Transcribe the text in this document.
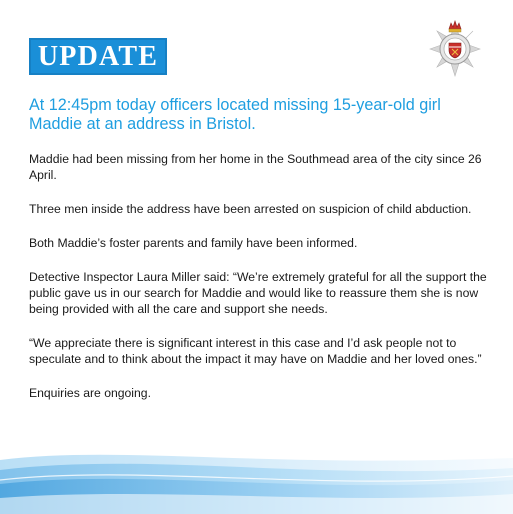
UPDATE
At 12:45pm today officers located missing 15-year-old girl Maddie at an address in Bristol.

Maddie had been missing from her home in the Southmead area of the city since 26 April.

Three men inside the address have been arrested on suspicion of child abduction.

Both Maddie’s foster parents and family have been informed.

Detective Inspector Laura Miller said: “We’re extremely grateful for all the support the public gave us in our search for Maddie and would like to reassure them she is now being provided with all the care and support she needs.

“We appreciate there is significant interest in this case and I’d ask people not to speculate and to think about the impact it may have on Maddie and her loved ones.”

Enquiries are ongoing.
